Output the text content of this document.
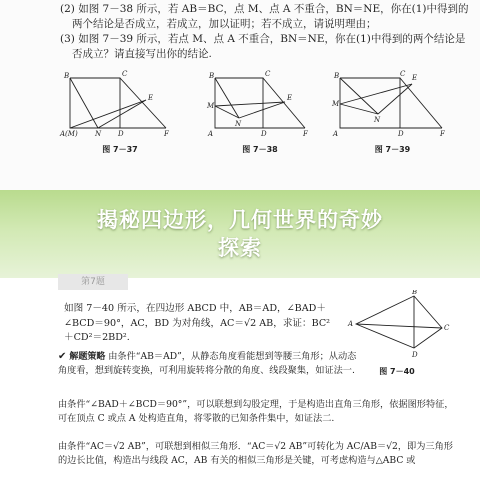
(2) 如图 7－38 所示，若 AB＝BC，点 M、点 A 不重合，BN＝NE，你在(1)中得到的
两个结论是否成立，若成立，加以证明；若不成立，请说明理由；
(3) 如图 7－39 所示，若点 M、点 A 不重合，BN＝NE，你在(1)中得到的两个结论是
否成立？请直接写出你的结论.
B	C
E
A(M) N D	F
图 7－37
B	C
E
A
M
N
D	F
图 7－38
B	C E
A
M
N
D	F
图 7－39
揭秘四边形，几何世界的奇妙
探索
第7题
如图 7－40 所示，在四边形 ABCD 中，AB＝AD，∠BAD＋∠BCD＝90°，AC，BD 为对角线，AC＝√2 AB，求证：BC²＋CD²＝2BD².
A
B
C
D
图 7－40
✔ 解题策略 由条件“AB＝AD”，从静态角度看能想到等腰三角形；从动态角度看，想到旋转变换，可利用旋转将分散的角度、线段聚集，如证法一.
由条件“∠BAD＋∠BCD＝90°”，可以联想到勾股定理，于是构造出直角三角形，依据图形特征，可在顶点 C 或点 A 处构造直角，将零散的已知条件集中，如证法二.
由条件“AC＝√2 AB”，可联想到相似三角形．“AC＝√2 AB”可转化为 AC/AB＝√2，即为三角形的边长比值，构造出与线段 AC，AB 有关的相似三角形是关键，可考虑构造与△ABC 或
